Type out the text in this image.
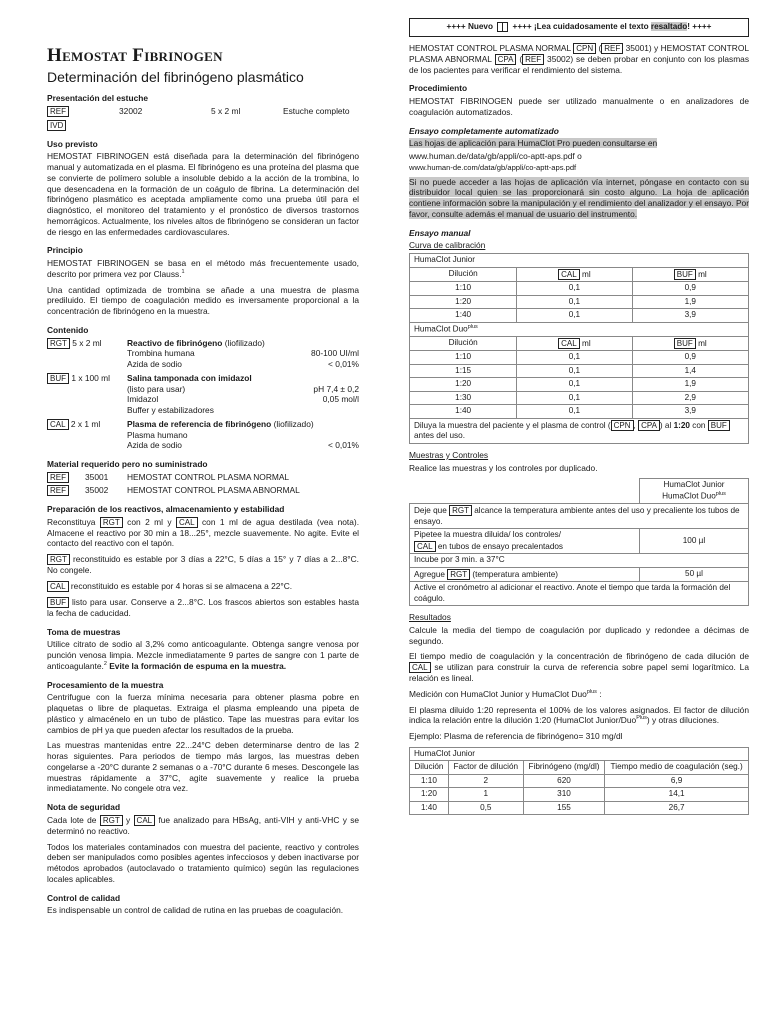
Hemostat Fibrinogen
Determinación del fibrinógeno plasmático
Presentación del estuche
REF	32002	5 x 2 ml	Estuche completo
IVD
Uso previsto

HEMOSTAT FIBRINOGEN está diseñada para la determinación del fibrinógeno manual y automatizada en el plasma. El fibrinógeno es una proteína del plasma que se convierte de polímero soluble a insoluble debido a la acción de la trombina, lo que desencadena en la formación de un coágulo de fibrina. La determinación del fibrinógeno plasmático es aceptada ampliamente como una prueba útil para el diagnóstico, el monitoreo del tratamiento y el pronóstico de diversos trastornos hemorrágicos. Actualmente, los niveles altos de fibrinógeno se consideran un factor de riesgo en las enfermedades cardiovasculares.

Principio

HEMOSTAT FIBRINOGEN se basa en el método más frecuentemente usado, descrito por primera vez por Clauss.$^1$

Una cantidad optimizada de trombina se añade a una muestra de plasma prediluido. El tiempo de coagulación medido es inversamente proporcional a la concentración de fibrinógeno en la muestra.

Contenido
RGT 5 x 2 ml	Reactivo de fibrinógeno (liofilizado)
Trombina humana	80-100 UI/ml
Azida de sodio	< 0,01%
BUF 1 x 100 ml	Salina tamponada con imidazol
(listo para usar)	pH 7,4 ± 0,2
Imidazol	0,05 mol/l
Buffer y estabilizadores
CAL 2 x 1 ml	Plasma de referencia de fibrinógeno (liofilizado)
Plasma humano
Azida de sodio	< 0,01%
Material requerido pero no suministrado
REF	35001	HEMOSTAT CONTROL PLASMA NORMAL
REF	35002	HEMOSTAT CONTROL PLASMA ABNORMAL
Preparación de los reactivos, almacenamiento y estabilidad

Reconstituya RGT con 2 ml y CAL con 1 ml de agua destilada (vea nota). Almacene el reactivo por 30 min a 18...25°, mezcle suavemente. No agite. Evite el contacto del reactivo con el tapón.

RGT reconstituido es estable por 3 días a 22°C, 5 días a 15° y 7 días a 2...8°C. No congele.

CAL reconstituido es estable por 4 horas si se almacena a 22°C.

BUF listo para usar. Conserve a 2...8°C. Los frascos abiertos son estables hasta la fecha de caducidad.

Toma de muestras

Utilice citrato de sodio al 3,2% como anticoagulante. Obtenga sangre venosa por punción venosa limpia. Mezcle inmediatamente 9 partes de sangre con 1 parte de anticoagulante.$^2$ Evite la formación de espuma en la muestra.

Procesamiento de la muestra

Centrifugue con la fuerza mínima necesaria para obtener plasma pobre en plaquetas o libre de plaquetas. Extraiga el plasma empleando una pipeta de plástico y almacénelo en un tubo de plástico. Tape las muestras para evitar los cambios de pH ya que pueden afectar los resultados de la prueba.

Las muestras mantenidas entre 22...24°C deben determinarse dentro de las 2 horas siguientes. Para periodos de tiempo más largos, las muestras deben congelarse a -20°C durante 2 semanas o a -70°C durante 6 meses. Descongele las muestras rápidamente a 37°C, agite suavemente y realice la prueba inmediatamente. No congele otra vez.

Nota de seguridad

Cada lote de RGT y CAL fue analizado para HBsAg, anti-VIH y anti-VHC y se determinó no reactivo.

Todos los materiales contaminados con muestra del paciente, reactivo y controles deben ser manipulados como posibles agentes infecciosos y deben inactivarse por métodos aprobados (autoclavado o tratamiento químico) según las regulaciones locales aplicables.

Control de calidad

Es indispensable un control de calidad de rutina en las pruebas de coagulación.

++++ Nuevo ++++ ¡Lea cuidadosamente el texto resaltado! ++++

HEMOSTAT CONTROL PLASMA NORMAL CPN ( REF 35001) y HEMOSTAT CONTROL PLASMA ABNORMAL CPA ( REF 35002) se deben probar en conjunto con los plasmas de los pacientes para verificar el rendimiento del sistema.

Procedimiento

HEMOSTAT FIBRINOGEN puede ser utilizado manualmente o en analizadores de coagulación automatizados.

Ensayo completamente automatizado

Las hojas de aplicación para HumaClot Pro pueden consultarse en

www.human.de/data/gb/appli/co-aptt-aps.pdf o

www.human-de.com/data/gb/appli/co-aptt-aps.pdf

Si no puede acceder a las hojas de aplicación vía internet, póngase en contacto con su distribuidor local quien se las proporcionará sin costo alguno. La hoja de aplicación contiene información sobre la manipulación y el rendimiento del analizador y el ensayo. Por favor, consulte además el manual de usuario del instrumento.

Ensayo manual
Curva de calibración
HumaClot Junior		
Dilución	CAL ml	BUF ml
1:10	0,1	0,9
1:20	0,1	1,9
1:40	0,1	3,9
HumaClot Duo$^{plus}$
Dilución	CAL ml	BUF ml
1:10	0,1	0,9
1:15	0,1	1,4
1:20	0,1	1,9
1:30	0,1	2,9
1:40	0,1	3,9
Diluya la muestra del paciente y el plasma de control ( CPN , CPA ) al 1:20 con BUF antes del uso.		
Muestras y Controles

Realice las muestras y los controles por duplicado.

	HumaClot Junior
HumaClot Duo$^{plus}$

Deje que RGT alcance la temperatura ambiente antes del uso y precaliente los tubos de ensayo.	
Pipetee la muestra diluida/ los controles/
CAL en tubos de ensayo precalentados	100 µl
Incube por 3 min. a 37°C	
Agregue RGT (temperatura ambiente)	50 µl
Active el cronómetro al adicionar el reactivo. Anote el tiempo que tarda la formación del coágulo.	
Resultados

Calcule la media del tiempo de coagulación por duplicado y redondee a décimas de segundo.

El tiempo medio de coagulación y la concentración de fibrinógeno de cada dilución de CAL se utilizan para construir la curva de referencia sobre papel semi logarítmico. La relación es lineal.

Medición con HumaClot Junior y HumaClot Duo$^{plus}$ :

El plasma diluido 1:20 representa el 100% de los valores asignados. El factor de dilución indica la relación entre la dilución 1:20 (HumaClot Junior/Duo$^{Plus}$) y otras diluciones.

Ejemplo: Plasma de referencia de fibrinógeno= 310 mg/dl

HumaClot Junior			
Dilución	Factor de dilución	Fibrinógeno (mg/dl)	Tiempo medio de coagulación (seg.)
1:10	2	620	6,9
1:20	1	310	14,1
1:40	0,5	155	26,7
